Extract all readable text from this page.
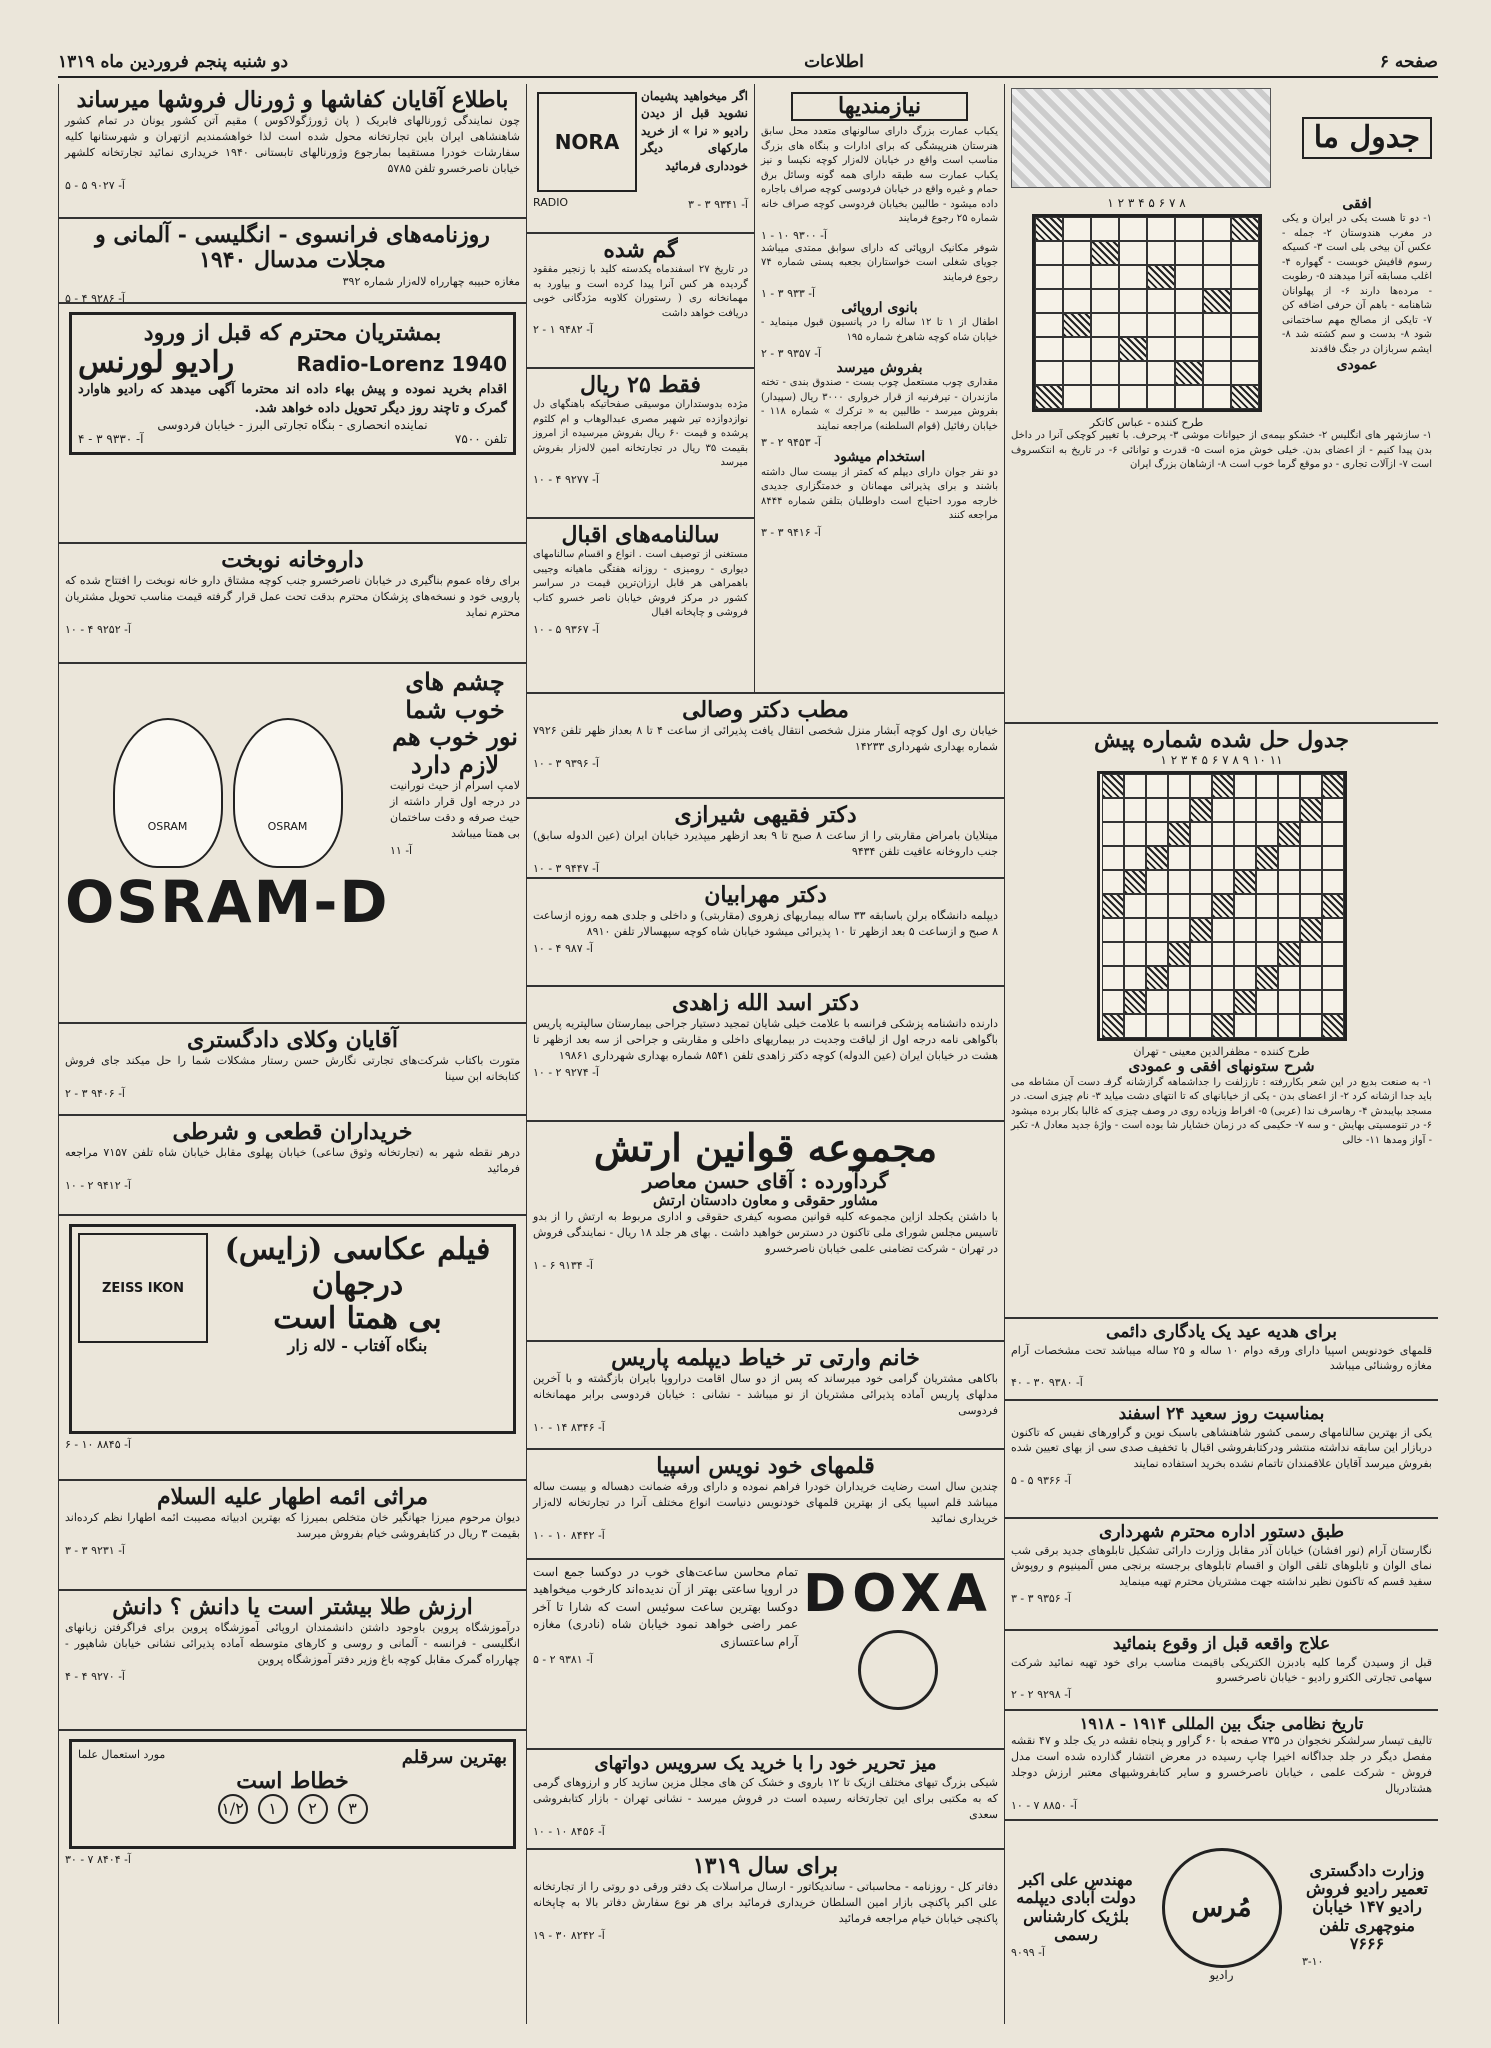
صفحه ۶
اطلاعات
دو شنبه پنجم فروردین ماه ۱۳۱۹
جدول ما
افقی
۱- دو تا هست یکی در ایران و یکی در مغرب هندوستان ۲- جمله - عکس آن بیخی بلی است ۳- کسیکه رسوم قافیش خوبست - گهواره ۴- اغلب مسابقه آنرا میدهند ۵- رطوبت - مرده‌ها دارند ۶- از پهلوانان شاهنامه - باهم آن حرفی اضافه کن ۷- تایکی از مصالح مهم ساختمانی شود ۸- بدست و سم کشته شد ۸- ایشم سربازان در جنگ فاقدند
عمودی
۸ ۷ ۶ ۵ ۴ ۳ ۲ ۱

طرح کننده - عباس کاتکر
۱- سازشهر های انگلیس ۲- خشکو بیمه‌ی از حیوانات موشی ۳- پرحرف. با تغییر کوچکی آنرا در داخل بدن پیدا کنیم - از اعضای بدن. خیلی خوش مزه است ۵- قدرت و توانائی ۶- در تاریخ به انتکسروف است ۷- ازآلات تجاری - دو موقع گرما خوب است ۸- ازشاهان بزرگ ایران
جدول حل شده شماره پیش
۱۱ ۱۰ ۹ ۸ ۷ ۶ ۵ ۴ ۳ ۲ ۱

طرح کننده - مظفرالدین معینی - تهران
شرح ستونهای افقی و عمودی
۱- به صنعت بدیع در این شعر بکاررفته : تارزلفت را جداشماهه گرازشانه گرفـ دست آن مشاطه می باید جدا ازشانه کرد ۲- از اعضای بدن - یکی از خیابانهای که تا انتهای دشت میاید ۳- نام چیزی است. در مسجد بپایبدش ۴- رهاسرف ندا (عربی) ۵- افراط وزیاده روی در وصف چیزی که غالبا بکار برده میشود ۶- در تنومسیتی بهایش - و سه ۷- حکیمی که در زمان خشایار شا بوده است - واژهٔ جدید معادل ۸- تکبر - آواز ومدها ۱۱- خالی
برای هدیه عید یک یادگاری دائمی
قلمهای خودنویس اسپیا دارای ورقه دوام ۱۰ ساله و ۲۵ ساله میباشد تحت مشخصات آرام مغازه روشنائی میباشد
آ- ۹۳۸۰ ۳۰ - ۴۰
بمناسبت روز سعید ۲۴ اسفند
یکی از بهترین سالنامهای رسمی کشور شاهنشاهی باسبک نوین و گراورهای نفیس که تاکنون دربازار این سابقه نداشته منتشر ودرکتابفروشی اقبال با تخفیف صدی سی از بهای تعیین شده بفروش میرسد آقایان علاقمندان تاتمام نشده بخرید استفاده نمایند
آ- ۹۳۶۶ ۵ - ۵
طبق دستور اداره محترم شهرداری
نگارستان آرام (نور افشان) خیابان آذر مقابل وزارت دارائی تشکیل تابلوهای جدید برقی شب نمای الوان و تابلوهای تلقی الوان و اقسام تابلوهای برجسته برنجی مس آلمینیوم و روپوش سفید قسم که تاکنون نظیر نداشته جهت مشتریان محترم تهیه مینماید
آ- ۹۳۵۶ ۳ - ۳
علاج واقعه قبل از وقوع بنمائید
قبل از وسیدن گرما کلیه بادبزن الکتریکی باقیمت مناسب برای خود تهیه نمائید شرکت سهامی تجارتی الکترو رادیو - خیابان ناصرخسرو
آ- ۹۲۹۸ ۲ - ۲
تاریخ نظامی جنگ بین المللی ۱۹۱۴ - ۱۹۱۸
تالیف تیسار سرلشکر نخجوان در ۷۳۵ صفحه با ۶۰ گراور و پنجاه نقشه در یک جلد و ۴۷ نقشه مفصل دیگر در جلد جداگانه اخیرا چاپ رسیده در معرض انتشار گذارده شده است مدل فروش - شرکت علمی ، خیابان ناصرخسرو و سایر کتابفروشیهای معتبر ارزش دوجلد هشتادریال
آ- ۸۸۵۰ ۷ - ۱۰
وزارت دادگستری تعمیر رادیو فروش رادیو ۱۴۷ خیابان منوچهری تلفن ۷۶۶۶
۳-۱۰
مُرس
رادیو
مهندس علی اکبر دولت آبادی دیپلمه بلژیک کارشناس رسمی
آ- ۹۰۹۹
نیازمندیها
یکباب عمارت بزرگ دارای سالونهای متعدد محل سابق هنرستان هنرپیشگی که برای ادارات و بنگاه های بزرگ مناسب است واقع در خیابان لاله‌زار کوچه نکیسا و نیز یکباب عمارت سه طبقه دارای همه گونه وسائل برق حمام و غیره واقع در خیابان فردوسی کوچه صراف باجاره داده میشود - طالبین بخیابان فردوسی کوچه صراف خانه شماره ۲۵ رجوع فرمایند
آ- ۹۳۰۰ ۱۰ - ۱
شوفر مکانیک اروپائی که دارای سوابق ممتدی میباشد جویای شغلی است خواستاران بجعبه پستی شماره ۷۴ رجوع فرمایند
آ- ۹۳۳ ۳ - ۱
بانوی اروپائی
اطفال از ۱ تا ۱۲ ساله را در پانسیون قبول مینماید - خیابان شاه کوچه شاهرخ شماره ۱۹۵
آ- ۹۳۵۷ ۳ - ۲
بفروش میرسد
مقداری چوب مستعمل چوب بست - صندوق بندی - تخته مازندران - تیرفرنیه از قرار خرواری ۳۰۰۰ ریال (سپیدار) بفروش میرسد - طالبین به « ترکرك » شماره ۱۱۸ - خیابان رفائیل (قوام السلطنه) مراجعه نمایند
آ- ۹۴۵۳ ۲ - ۳
استخدام میشود
دو نفر جوان دارای دیپلم که کمتر از بیست سال داشته باشند و برای پذیرائی مهمانان و خدمتگزاری جدیدی خارجه مورد احتیاج است داوطلبان بتلفن شماره ۸۴۴۴ مراجعه کنند
آ- ۹۴۱۶ ۳ - ۳
اگر میخواهید پشیمان نشوید قبل از دیدن رادیو « نرا » از خرید مارکهای دیگر خودداری فرمائید
NORA
آ- ۹۳۴۱ ۳ - ۳
RADIO
گم شده
در تاریخ ۲۷ اسفندماه یکدسته کلید با زنجیر مفقود گردیده هر کس آنرا پیدا کرده است و بیاورد به مهمانخانه ری ( رستوران کلاوبه مژدگانی خوبی دریافت خواهد داشت
آ- ۹۴۸۲ ۱ - ۲
فقط ۲۵ ریال
مژده بدوستداران موسیقی صفحاتیکه باهنگهای دل نوازدوازده تیر شهیر مصری عبدالوهاب و ام کلثوم پرشده و قیمت ۶۰ ریال بفروش میرسیده از امروز بقیمت ۳۵ ریال در تجارتخانه امین لاله‌زار بفروش میرسد
آ- ۹۲۷۷ ۴ - ۱۰
سالنامه‌های اقبال
مستغنی از توصیف است . انواع و اقسام سالنامهای دیواری - رومیزی - روزانه هفتگی ماهیانه وجیبی باهمراهی هر قابل ارزان‌ترین قیمت در سراسر کشور در مرکز فروش خیابان ناصر خسرو کتاب فروشی و چاپخانه اقبال
آ- ۹۳۶۷ ۵ - ۱۰
مطب دکتر وصالی
خیابان ری اول کوچه آبشار منزل شخصی انتقال یافت پذیرائی از ساعت ۴ تا ۸ بعداز ظهر تلفن ۷۹۲۶ شماره بهداری شهرداری ۱۴۲۳۳
آ- ۹۳۹۶ ۳ - ۱۰
دکتر فقیهی شیرازی
میتلایان بامراض مقاربتی را از ساعت ۸ صبح تا ۹ بعد ازظهر میپذیرد خیابان ایران (عین الدوله سابق) جنب داروخانه عافیت تلفن ۹۴۳۴
آ- ۹۴۴۷ ۳ - ۱۰
دکتر مهرابیان
دیپلمه دانشگاه برلن باسابقه ۳۳ ساله بیماریهای زهروی (مقاربتی) و داخلی و جلدی همه روزه ازساعت ۸ صبح و ازساعت ۵ بعد ازظهر تا ۱۰ پذیرائی میشود خیابان شاه کوچه سپهسالار تلفن ۸۹۱۰
آ- ۹۸۷ ۴ - ۱۰
دکتر اسد الله زاهدی
دارنده دانشنامه پزشکی فرانسه با علامت خیلی شایان تمجید دستیار جراحی بیمارستان سالپتریه پاریس باگواهی نامه درجه اول از لیاقت وجدیت در بیماریهای داخلی و مقاربتی و جراحی از سه بعد ازظهر تا هشت در خیابان ایران (عین الدوله) کوچه دکتر زاهدی تلفن ۸۵۴۱ شماره بهداری شهرداری ۱۹۸۶۱
آ- ۹۲۷۴ ۲ - ۱۰
مجموعه قوانین ارتش
گردآورده : آقای حسن معاصر
مشاور حقوقی و معاون دادستان ارتش
با داشتن یکجلد ازاین مجموعه کلیه قوانین مصوبه کیفری حقوقی و اداری مربوط به ارتش را از بدو تاسیس مجلس شورای ملی تاکنون در دسترس خواهید داشت . بهای هر جلد ۱۸ ریال - نمایندگی فروش در تهران - شرکت تضامنی علمی خیابان ناصرخسرو
آ- ۹۱۳۴ ۶ - ۱
خانم وارتی تر خیاط دیپلمه پاریس
باکاهی مشتریان گرامی خود میرساند که پس از دو سال اقامت دراروپا بایران بازگشته و با آخرین مدلهای پاریس آماده پذیرائی مشتریان از نو میباشد - نشانی : خیابان فردوسی برابر مهمانخانه فردوسی
آ- ۸۳۴۶ ۱۴ - ۱۰
قلمهای خود نویس اسپیا
چندین سال است رضایت خریداران خودرا فراهم نموده و دارای ورقه ضمانت دهساله و بیست ساله میباشد قلم اسپیا یکی از بهترین قلمهای خودنویس دنیاست انواع مختلف آنرا در تجارتخانه لاله‌زار خریداری نمائید
آ- ۸۴۴۲ ۱۰ - ۱۰
DOXA
تمام محاسن ساعت‌های خوب در دوکسا جمع است در اروپا ساعتی بهتر از آن ندیده‌اند کارخوب میخواهید دوکسا بهترین ساعت سوئیس است که شارا تا آخر عمر راضی خواهد نمود خیابان شاه (نادری) مغازه آرام ساعتسازی
آ- ۹۳۸۱ ۲ - ۵
میز تحریر خود را با خرید یک سرویس دواتهای
شیکی بزرگ تیهای مختلف ازیک تا ۱۲ باروی و خشک کن های مجلل مزین سازید کار و ارزوهای گرمی که به مکتبی برای این تجارتخانه رسیده است در فروش میرسد - نشانی تهران - بازار کتابفروشی سعدی
آ- ۸۴۵۶ ۱۰ - ۱۰
برای سال ۱۳۱۹
دفاتر کل - روزنامه - محاسباتی - ساندیکاتور - ارسال مراسلات یک دفتر ورقی دو روتی را از تجارتخانه علی اکبر پاکنچی بازار امین السلطان خریداری فرمائید برای هر نوع سفارش دفاتر بالا به چاپخانه پاکنچی خیابان خیام مراجعه فرمائید
آ- ۸۲۴۲ ۳۰ - ۱۹
باطلاع آقایان کفاشها و ژورنال فروشها میرساند
چون نمایندگی ژورنالهای فابریک ( پان ژورژگولاکوس ) مقیم آتن کشور یونان در تمام کشور شاهنشاهی ایران باین تجارتخانه محول شده است لذا خواهشمندیم ازتهران و شهرستانها کلیه سفارشات خودرا مستقیما بمارجوع وژورنالهای تابستانی ۱۹۴۰ خریداری نمائید تجارتخانه کلشهر خیابان ناصرخسرو تلفن ۵۷۸۵
آ- ۹۰۲۷ ۵ - ۵
روزنامه‌های فرانسوی - انگلیسی - آلمانی و مجلات مدسال ۱۹۴۰
مغازه حبیبه چهارراه لاله‌زار شماره ۳۹۲
آ- ۹۲۸۶ ۴ - ۵
بمشتریان محترم که قبل از ورود
Radio-Lorenz 1940
رادیو لورنس
اقدام بخرید نموده و پیش بهاء داده اند محترما آگهی میدهد که رادیو هاوارد گمرک و تاچند روز دیگر تحویل داده خواهد شد.
نماینده انحصاری - بنگاه تجارتی البرز - خیابان فردوسی
تلفن ۷۵۰۰
آ- ۹۳۳۰ ۳ - ۴
داروخانه نوبخت
برای رفاه عموم بناگیری در خیابان ناصرخسرو جنب کوچه مشتاق دارو خانه نوبخت را افتتاح شده که پارویی خود و نسخه‌های پزشکان محترم بدقت تحت عمل قرار گرفته قیمت مناسب تحویل مشتریان محترم نماید
آ- ۹۲۵۲ ۴ - ۱۰
چشم های خوب شما نور خوب هم لازم دارد
لامپ اسرام از حیث نورانیت در درجه اول قرار داشته از حیث صرفه و دقت ساختمان بی همتا میباشد
آ- ۱۱
OSRAM
OSRAM
OSRAM-D
آقایان وکلای دادگستری
متورت باکتاب شرکت‌های تجارتی نگارش حسن رستار مشکلات شما را حل میکند جای فروش کتابخانه ابن سینا
آ- ۹۴۰۶ ۳ - ۲
خریداران قطعی و شرطی
درهر نقطه شهر به (تجارتخانه وثوق ساعی) خیابان پهلوی مقابل خیابان شاه تلفن ۷۱۵۷ مراجعه فرمائید
آ- ۹۴۱۲ ۲ - ۱۰
فیلم عکاسی (زایس)
درجهان
بی همتا است
بنگاه آفتاب - لاله زار
ZEISS IKON
آ- ۸۸۴۵ ۱۰ - ۶
مراثی ائمه اطهار علیه السلام
دیوان مرحوم میرزا جهانگیر خان متخلص بمیرزا که بهترین ادبیاته مصیبت ائمه اطهارا نظم کرده‌اند بقیمت ۳ ریال در کتابفروشی خیام بفروش میرسد
آ- ۹۲۳۱ ۳ - ۳
ارزش طلا بیشتر است یا دانش ؟ دانش
درآموزشگاه پروین باوجود داشتن دانشمندان اروپائی آموزشگاه پروین برای فراگرفتن زبانهای انگلیسی - فرانسه - آلمانی و روسی و کارهای متوسطه آماده پذیرائی نشانی خیابان شاهپور - چهارراه گمرک مقابل کوچه باغ وزیر دفتر آموزشگاه پروین
آ- ۹۲۷۰ ۴ - ۴
بهترین سرقلم
مورد استعمال علما
خطاط است
۳
۲
۱
۱/۲
آ- ۸۴۰۴ ۷ - ۳۰
